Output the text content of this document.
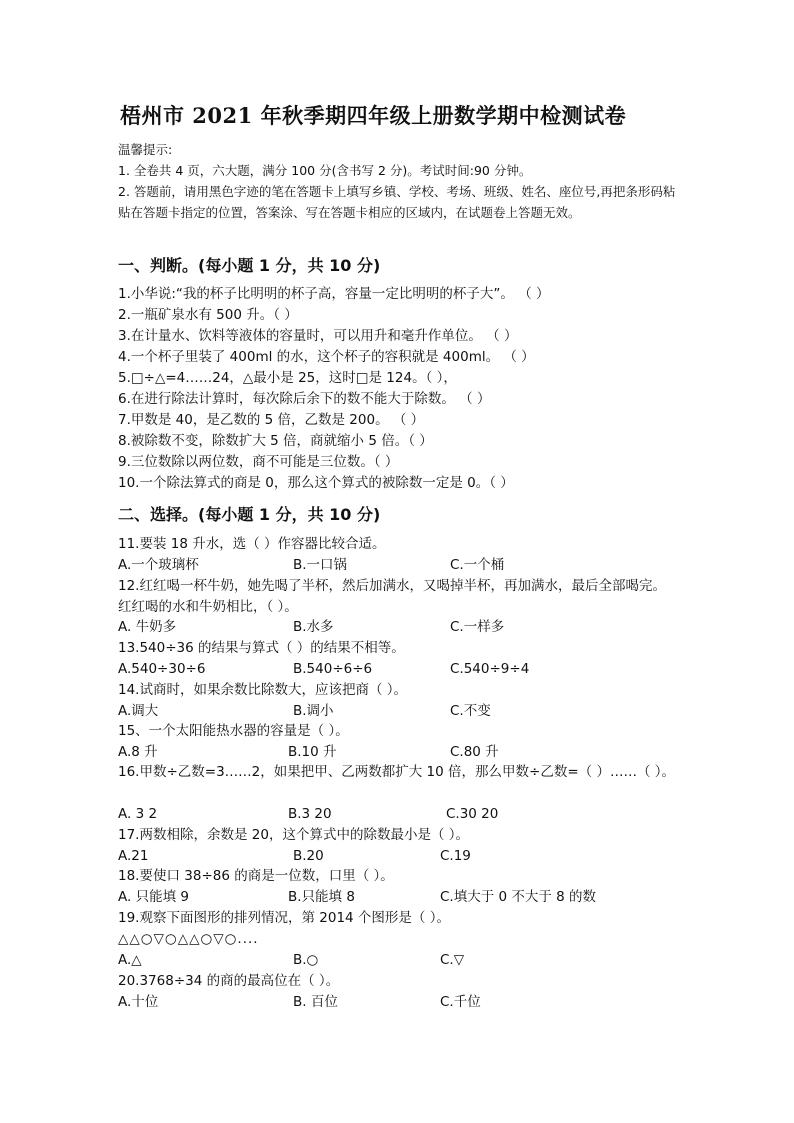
梧州市 2021 年秋季期四年级上册数学期中检测试卷
温馨提示:
1. 全卷共 4 页，六大题，满分 100 分(含书写 2 分)。考试时间:90 分钟。
2. 答题前，请用黑色字迹的笔在答题卡上填写乡镇、学校、考场、班级、姓名、座位号,再把条形码粘贴在答题卡指定的位置，答案涂、写在答题卡相应的区域内，在试题卷上答题无效。
一、判断。(每小题 1 分，共 10 分)
1.小华说:“我的杯子比明明的杯子高，容量一定比明明的杯子大”。 （ ）
2.一瓶矿泉水有 500 升。（ ）
3.在计量水、饮料等液体的容量时，可以用升和毫升作单位。 （ ）
4.一个杯子里装了 400ml 的水，这个杯子的容积就是 400ml。 （ ）
5.□÷△=4……24，△最小是 25，这时□是 124。（ ），
6.在进行除法计算时，每次除后余下的数不能大于除数。 （ ）
7.甲数是 40，是乙数的 5 倍，乙数是 200。 （ ）
8.被除数不变，除数扩大 5 倍，商就缩小 5 倍。（ ）
9.三位数除以两位数，商不可能是三位数。（ ）
10.一个除法算式的商是 0，那么这个算式的被除数一定是 0。（ ）
二、选择。(每小题 1 分，共 10 分)
11.要装 18 升水，选（ ）作容器比较合适。
A.一个玻璃杯	B.一口锅	C.一个桶
12.红红喝一杯牛奶，她先喝了半杯，然后加满水，又喝掉半杯，再加满水，最后全部喝完。红红喝的水和牛奶相比，（ ）。
A. 牛奶多	B.水多	C.一样多
13.540÷36 的结果与算式（ ）的结果不相等。
A.540÷30÷6	B.540÷6÷6	C.540÷9÷4
14.试商时，如果余数比除数大，应该把商（ ）。
A.调大	B.调小	C.不变
15、一个太阳能热水器的容量是（ ）。
A.8 升	B.10 升	C.80 升
16.甲数÷乙数=3……2，如果把甲、乙两数都扩大 10 倍，那么甲数÷乙数=（ ）……（ ）。
A. 3 2	B.3 20	C.30 20
17.两数相除，余数是 20，这个算式中的除数最小是（ ）。
A.21	B.20	C.19
18.要使口 38÷86 的商是一位数，口里（ ）。
A. 只能填 9	B.只能填 8	C.填大于 0 不大于 8 的数
19.观察下面图形的排列情况，第 2014 个图形是（ ）。
△△○▽○△△○▽○....
A.△	B.○	C.▽
20.3768÷34 的商的最高位在（ ）。
A.十位	B. 百位	C.千位
